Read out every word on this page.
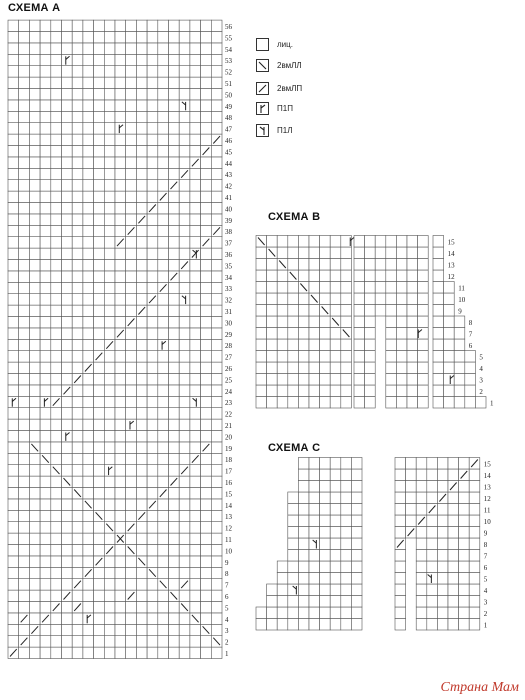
СХЕМА А
СХЕМА В
СХЕМА С
лиц.
2вмЛЛ
2вмЛП
П1П
П1Л
1
2
3
4
5
6
7
8
9
10
11
12
13
14
15
16
17
18
19
20
21
22
23
24
25
26
27
28
29
30
31
32
33
34
35
36
37
38
39
40
41
42
43
44
45
46
47
48
49
50
51
52
53
54
55
56
1
2
3
4
5
6
7
8
9
10
11
12
13
14
15
1
2
3
4
5
6
7
8
9
10
11
12
13
14
15
Страна Мам
